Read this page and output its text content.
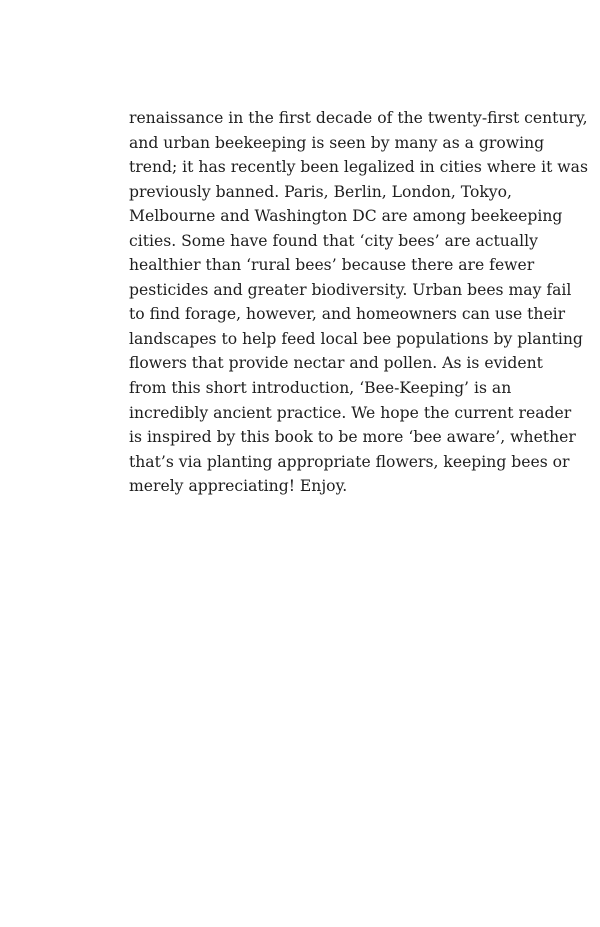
renaissance in the first decade of the twenty-first century,
and urban beekeeping is seen by many as a growing
trend; it has recently been legalized in cities where it was
previously banned. Paris, Berlin, London, Tokyo,
Melbourne and Washington DC are among beekeeping
cities. Some have found that ‘city bees’ are actually
healthier than ‘rural bees’ because there are fewer
pesticides and greater biodiversity. Urban bees may fail
to find forage, however, and homeowners can use their
landscapes to help feed local bee populations by planting
flowers that provide nectar and pollen. As is evident
from this short introduction, ‘Bee-Keeping’ is an
incredibly ancient practice. We hope the current reader
is inspired by this book to be more ‘bee aware’, whether
that’s via planting appropriate flowers, keeping bees or
merely appreciating! Enjoy.
